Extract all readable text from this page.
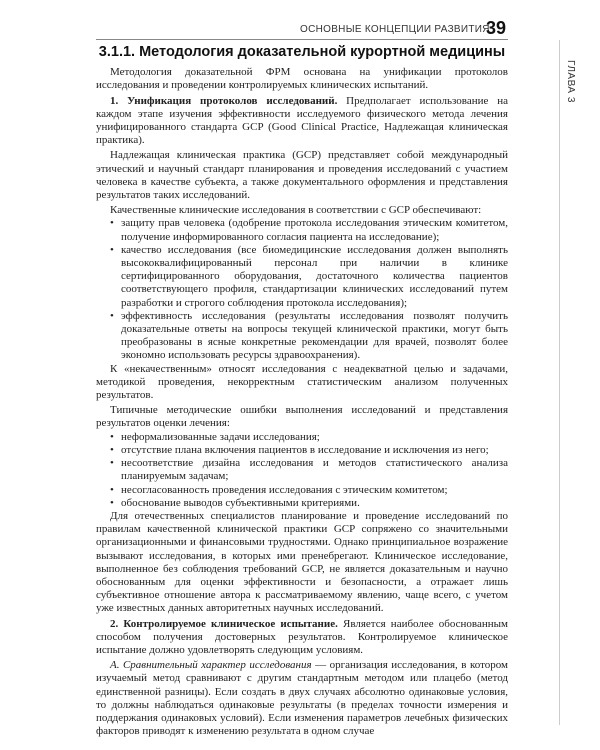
ОСНОВНЫЕ КОНЦЕПЦИИ РАЗВИТИЯ
39
ГЛАВА 3
3.1.1. Методология доказательной курортной медицины

Методология доказательной ФРМ основана на унификации протоколов исследования и проведении контролируемых клинических испытаний.

1. Унификация протоколов исследований. Предполагает использование на каждом этапе изучения эффективности исследуемого физического метода лечения унифицированного стандарта GCP (Good Clinical Practice, Надлежащая клиническая практика).

Надлежащая клиническая практика (GCP) представляет собой международный этический и научный стандарт планирования и проведения исследований с участием человека в качестве субъекта, а также документального оформления и представления результатов таких исследований.

Качественные клинические исследования в соответствии с GCP обеспечивают:

• защиту прав человека (одобрение протокола исследования этическим комитетом, получение информированного согласия пациента на исследование);
• качество исследования (все биомедицинские исследования должен выполнять высококвалифицированный персонал при наличии в клинике сертифицированного оборудования, достаточного количества пациентов соответствующего профиля, стандартизации клинических исследований путем разработки и строгого соблюдения протокола исследования);
• эффективность исследования (результаты исследования позволят получить доказательные ответы на вопросы текущей клинической практики, могут быть преобразованы в ясные конкретные рекомендации для врачей, позволят более экономно использовать ресурсы здравоохранения).

К «некачественным» относят исследования с неадекватной целью и задачами, методикой проведения, некорректным статистическим анализом полученных результатов.

Типичные методические ошибки выполнения исследований и представления результатов оценки лечения:

• неформализованные задачи исследования;
• отсутствие плана включения пациентов в исследование и исключения из него;
• несоответствие дизайна исследования и методов статистического анализа планируемым задачам;
• несогласованность проведения исследования с этическим комитетом;
• обоснование выводов субъективными критериями.

Для отечественных специалистов планирование и проведение исследований по правилам качественной клинической практики GCP сопряжено со значительными организационными и финансовыми трудностями. Однако принципиальное возражение вызывают исследования, в которых ими пренебрегают. Клиническое исследование, выполненное без соблюдения требований GCP, не является доказательным и научно обоснованным для оценки эффективности и безопасности, а отражает лишь субъективное отношение автора к рассматриваемому явлению, чаще всего, с учетом уже известных данных авторитетных научных исследований.

2. Контролируемое клиническое испытание. Является наиболее обоснованным способом получения достоверных результатов. Контролируемое клиническое испытание должно удовлетворять следующим условиям.

А. Сравнительный характер исследования — организация исследования, в котором изучаемый метод сравнивают с другим стандартным методом или плацебо (метод единственной разницы). Если создать в двух случаях абсолютно одинаковые условия, то должны наблюдаться одинаковые результаты (в пределах точности измерения и поддержания одинаковых условий). Если изменения параметров лечебных физических факторов приводят к изменению результата в одном случае
